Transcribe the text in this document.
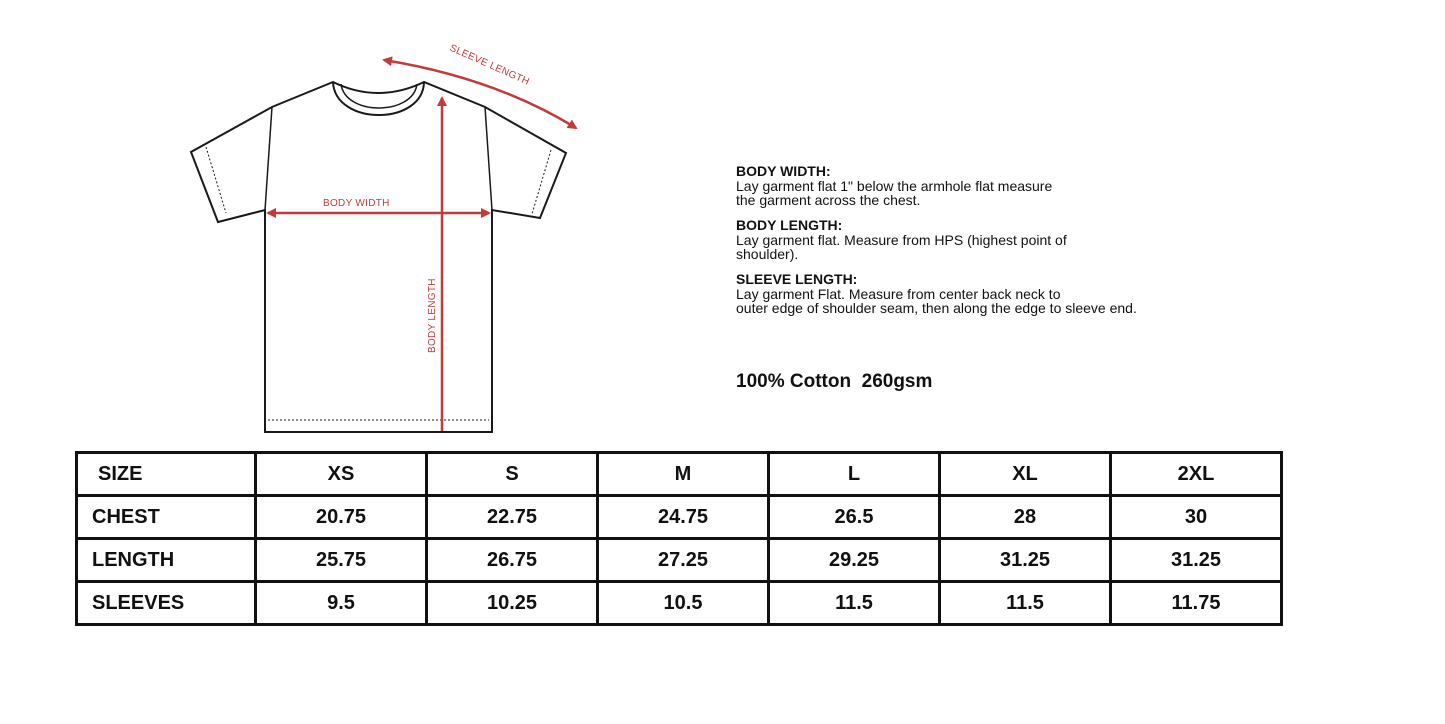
SLEEVE LENGTH
BODY WIDTH
BODY LENGTH
BODY WIDTH:
Lay garment flat 1" below the armhole flat measure
the garment across the chest.
BODY LENGTH:
Lay garment flat. Measure from HPS (highest point of
shoulder).
SLEEVE LENGTH:
Lay garment Flat. Measure from center back neck to
outer edge of shoulder seam, then along the edge to sleeve end.
100% Cotton  260gsm
SIZE	XS	S	M	L	XL	2XL
CHEST	20.75	22.75	24.75	26.5	28	30
LENGTH	25.75	26.75	27.25	29.25	31.25	31.25
SLEEVES	9.5	10.25	10.5	11.5	11.5	11.75
